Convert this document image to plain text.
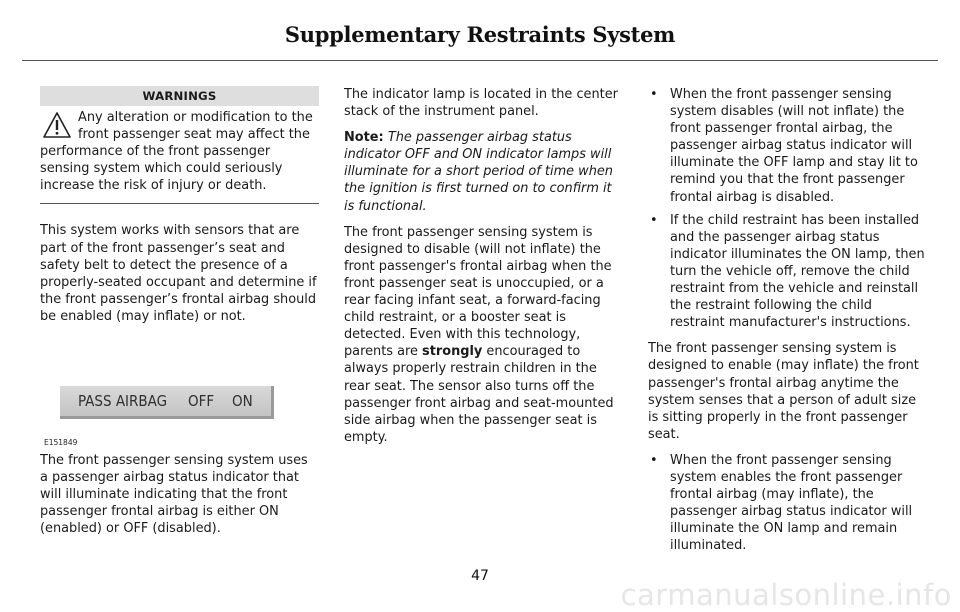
Supplementary Restraints System
WARNINGS

Any alteration or modification to the front passenger seat may affect the performance of the front passenger sensing system which could seriously increase the risk of injury or death.

This system works with sensors that are part of the front passenger’s seat and safety belt to detect the presence of a properly-seated occupant and determine if the front passenger’s frontal airbag should be enabled (may inflate) or not.

PASS AIRBAG OFF ON
E151849

The front passenger sensing system uses a passenger airbag status indicator that will illuminate indicating that the front passenger frontal airbag is either ON (enabled) or OFF (disabled).

The indicator lamp is located in the center stack of the instrument panel.

Note: The passenger airbag status indicator OFF and ON indicator lamps will illuminate for a short period of time when the ignition is first turned on to confirm it is functional.

The front passenger sensing system is designed to disable (will not inflate) the front passenger's frontal airbag when the front passenger seat is unoccupied, or a rear facing infant seat, a forward-facing child restraint, or a booster seat is detected. Even with this technology, parents are strongly encouraged to always properly restrain children in the rear seat. The sensor also turns off the passenger front airbag and seat-mounted side airbag when the passenger seat is empty.

• When the front passenger sensing system disables (will not inflate) the front passenger frontal airbag, the passenger airbag status indicator will illuminate the OFF lamp and stay lit to remind you that the front passenger frontal airbag is disabled.
• If the child restraint has been installed and the passenger airbag status indicator illuminates the ON lamp, then turn the vehicle off, remove the child restraint from the vehicle and reinstall the restraint following the child restraint manufacturer's instructions.

The front passenger sensing system is designed to enable (may inflate) the front passenger's frontal airbag anytime the system senses that a person of adult size is sitting properly in the front passenger seat.

• When the front passenger sensing system enables the front passenger frontal airbag (may inflate), the passenger airbag status indicator will illuminate the ON lamp and remain illuminated.
47
carmanualsonline.info
